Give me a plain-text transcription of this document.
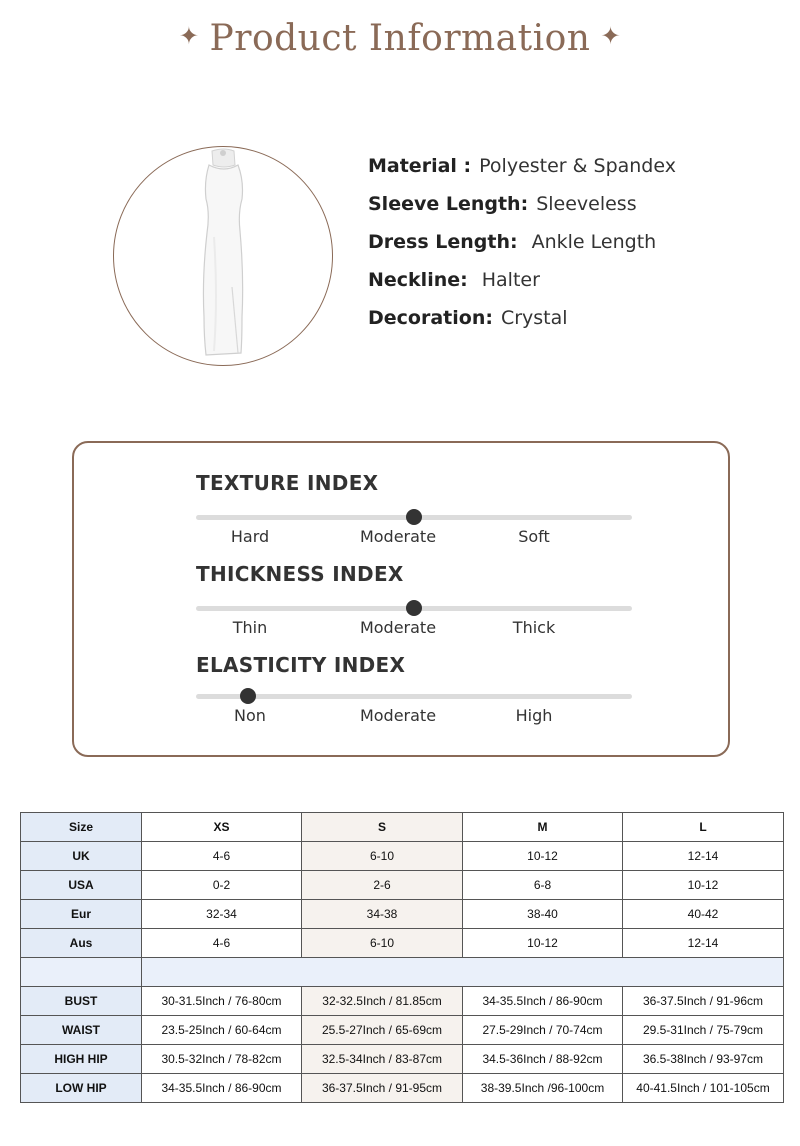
✦ Product Information ✦
Material : Polyester & Spandex
Sleeve Length: Sleeveless
Dress Length: Ankle Length
Neckline: Halter
Decoration: Crystal
TEXTURE INDEX
Hard	Moderate	Soft
THICKNESS INDEX
Thin	Moderate	Thick
ELASTICITY INDEX
Non	Moderate	High
Size	XS	S	M	L
UK	4-6	6-10	10-12	12-14
USA	0-2	2-6	6-8	10-12
Eur	32-34	34-38	38-40	40-42
Aus	4-6	6-10	10-12	12-14

BUST	30-31.5Inch / 76-80cm	32-32.5Inch / 81.85cm	34-35.5Inch / 86-90cm	36-37.5Inch / 91-96cm
WAIST	23.5-25Inch / 60-64cm	25.5-27Inch / 65-69cm	27.5-29Inch / 70-74cm	29.5-31Inch / 75-79cm
HIGH HIP	30.5-32Inch / 78-82cm	32.5-34Inch / 83-87cm	34.5-36Inch / 88-92cm	36.5-38Inch / 93-97cm
LOW HIP	34-35.5Inch / 86-90cm	36-37.5Inch / 91-95cm	38-39.5Inch /96-100cm	40-41.5Inch / 101-105cm
